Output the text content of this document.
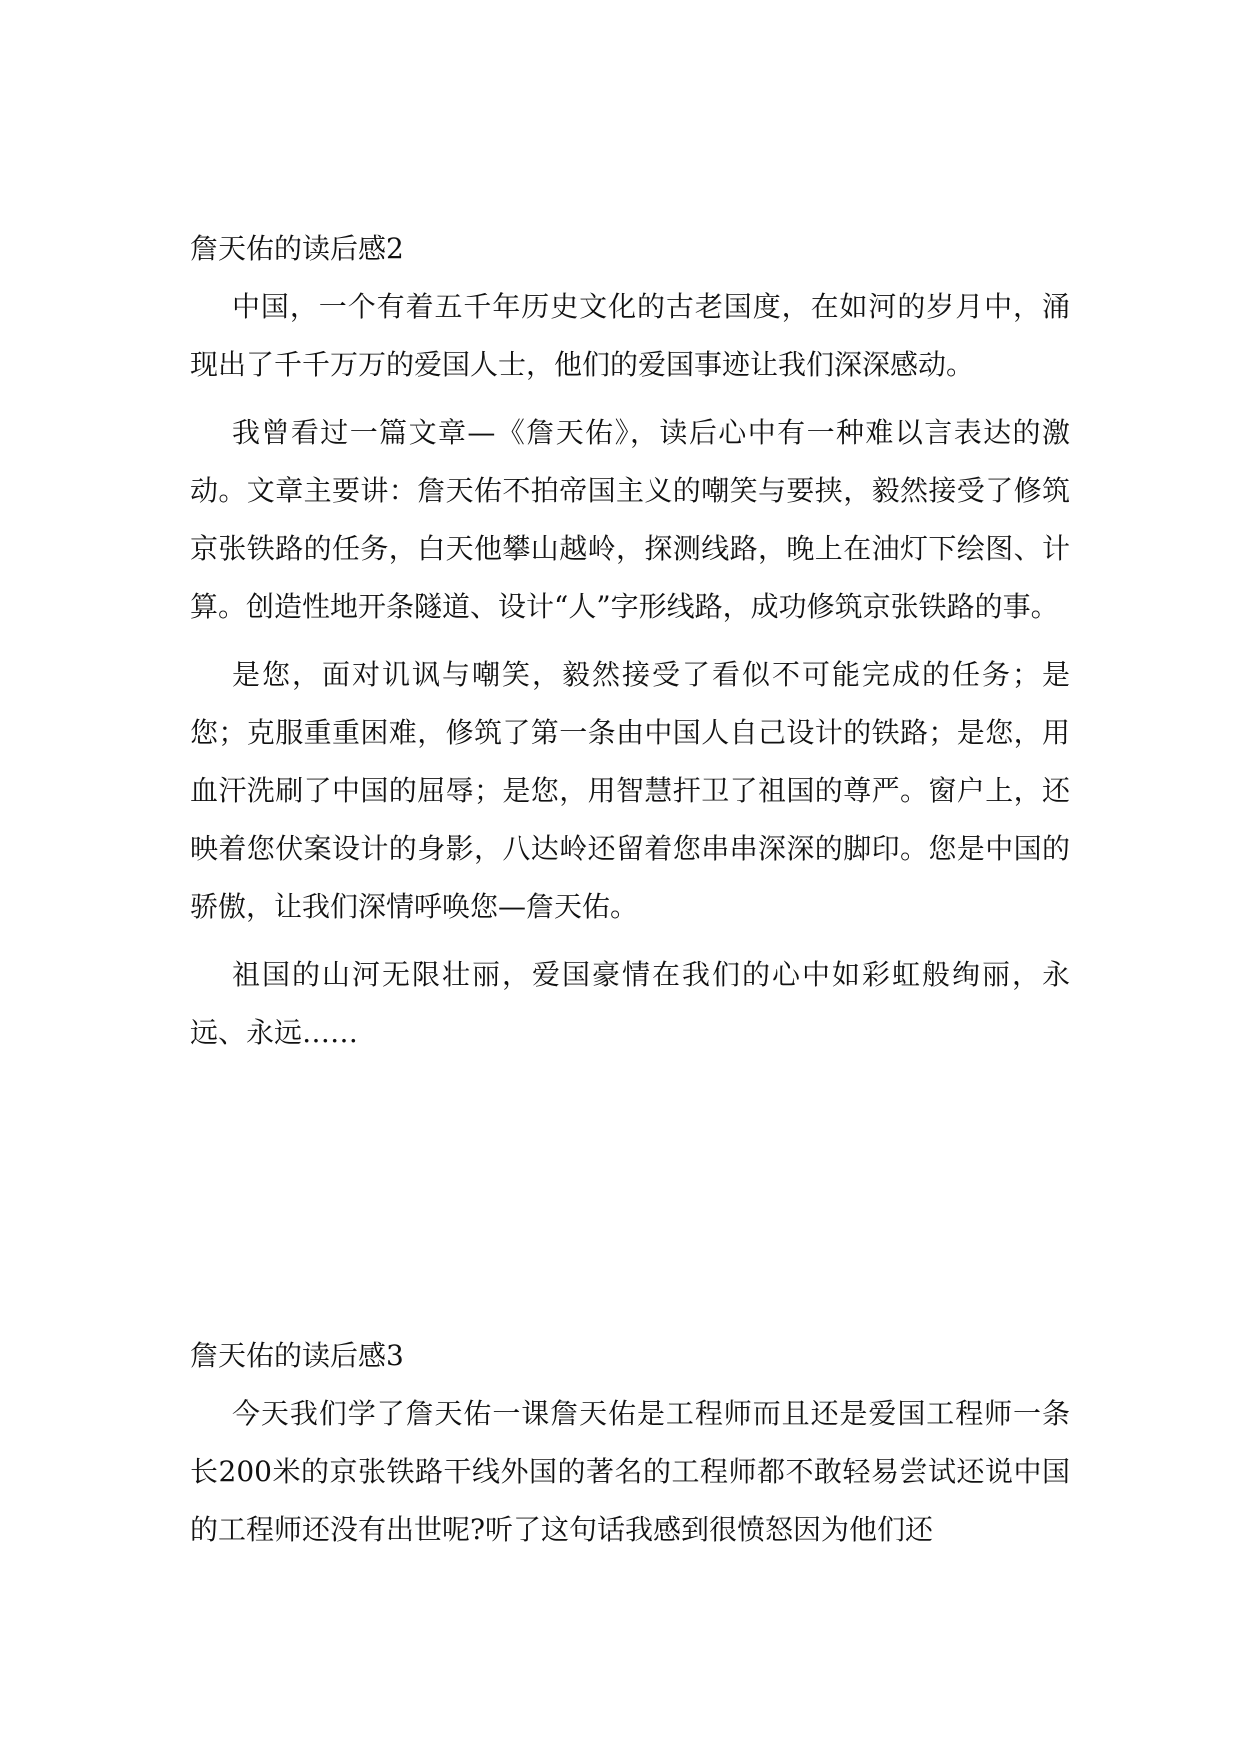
詹天佑的读后感2

中国，一个有着五千年历史文化的古老国度，在如河的岁月中，涌现出了千千万万的爱国人士，他们的爱国事迹让我们深深感动。

我曾看过一篇文章—《詹天佑》，读后心中有一种难以言表达的激动。文章主要讲：詹天佑不拍帝国主义的嘲笑与要挟，毅然接受了修筑京张铁路的任务，白天他攀山越岭，探测线路，晚上在油灯下绘图、计算。创造性地开条隧道、设计“人”字形线路，成功修筑京张铁路的事。

是您，面对讥讽与嘲笑，毅然接受了看似不可能完成的任务；是您；克服重重困难，修筑了第一条由中国人自己设计的铁路；是您，用血汗洗刷了中国的屈辱；是您，用智慧扞卫了祖国的尊严。窗户上，还映着您伏案设计的身影，八达岭还留着您串串深深的脚印。您是中国的骄傲，让我们深情呼唤您—詹天佑。

祖国的山河无限壮丽，爱国豪情在我们的心中如彩虹般绚丽，永远、永远……

詹天佑的读后感3

今天我们学了詹天佑一课詹天佑是工程师而且还是爱国工程师一条长200米的京张铁路干线外国的著名的工程师都不敢轻易尝试还说中国的工程师还没有出世呢?听了这句话我感到很愤怒因为他们还
